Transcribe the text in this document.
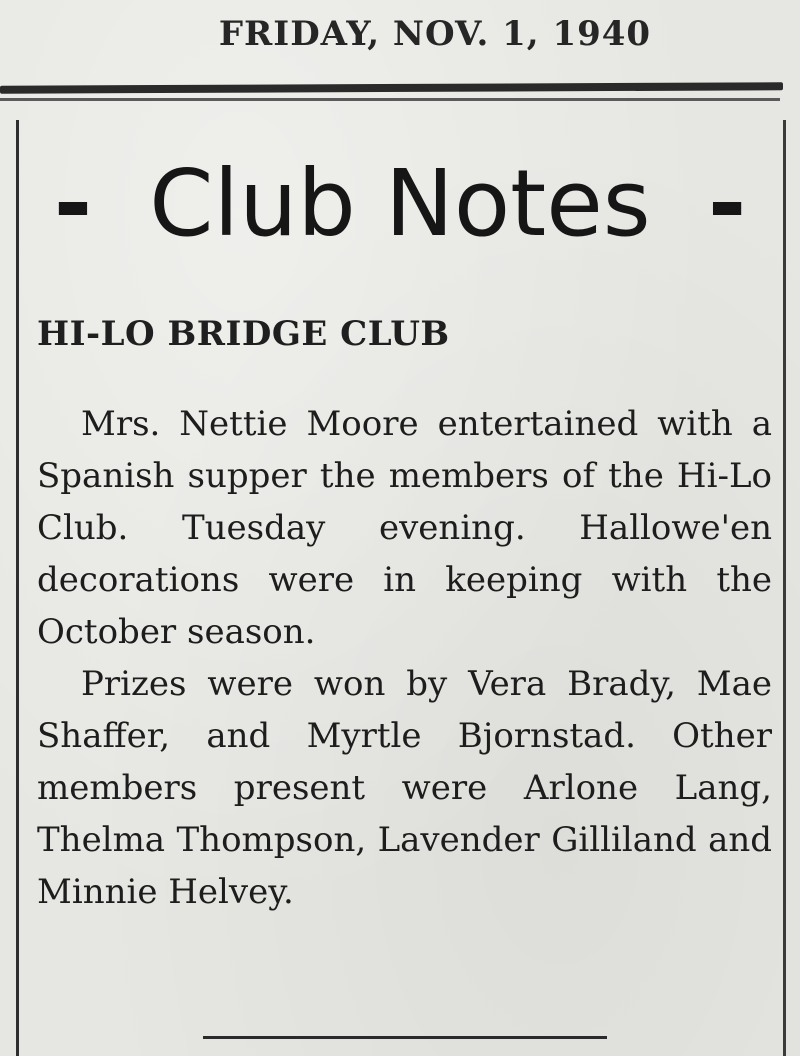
FRIDAY, NOV. 1, 1940
- Club Notes -
HI-LO BRIDGE CLUB

Mrs. Nettie Moore entertained with a Spanish supper the members of the Hi-Lo Club. Tuesday evening. Hallowe'en decorations were in keeping with the October season.

Prizes were won by Vera Brady, Mae Shaffer, and Myrtle Bjornstad. Other members present were Arlone Lang, Thelma Thompson, Lavender Gilliland and Minnie Helvey.
